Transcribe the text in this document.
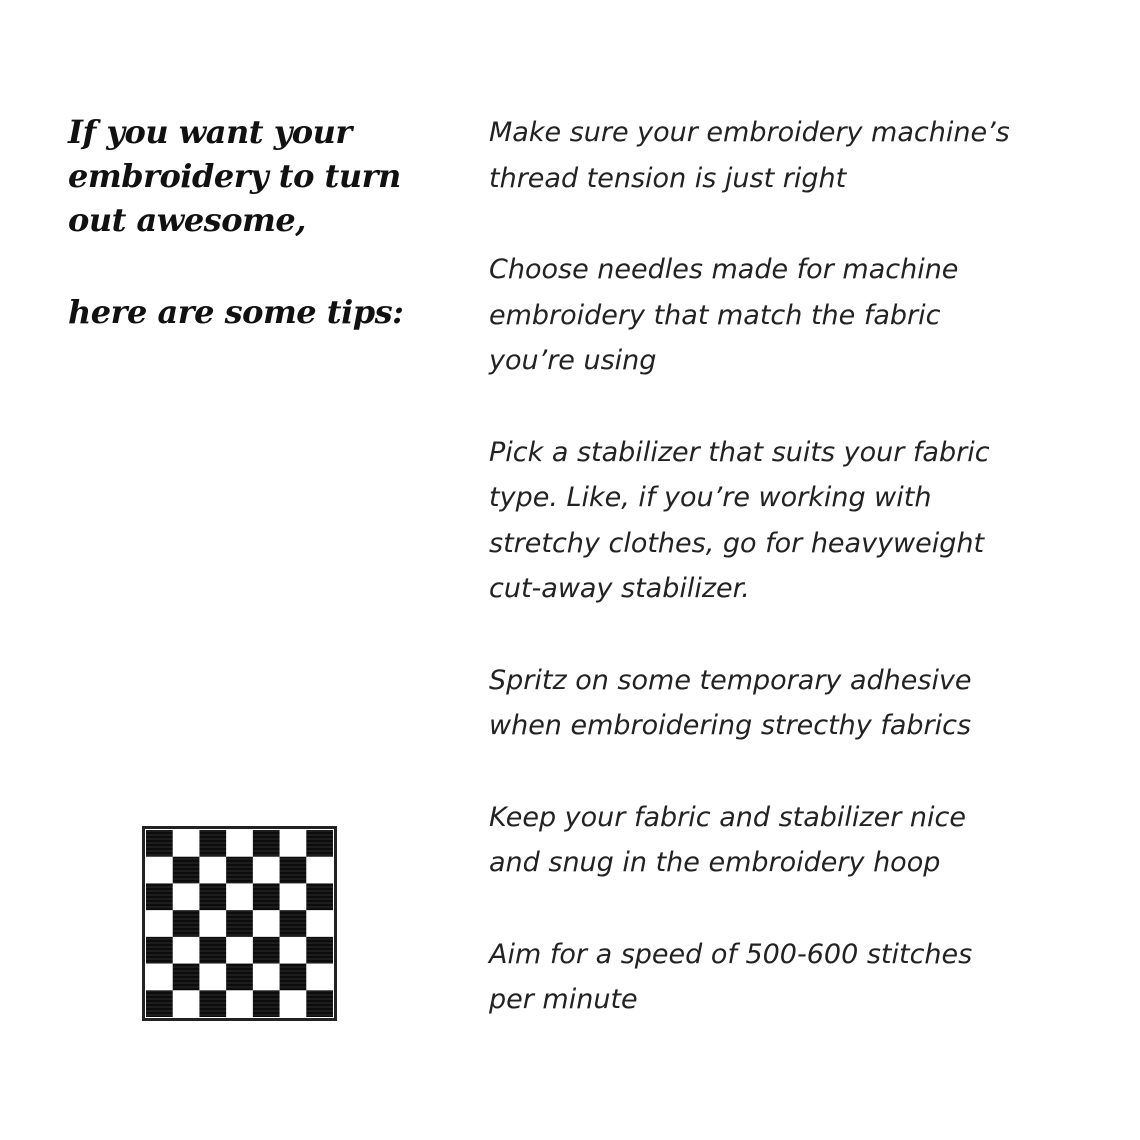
If you want your
embroidery to turn
out awesome,
here are some tips:
Make sure your embroidery machine’s
thread tension is just right
Choose needles made for machine
embroidery that match the fabric
you’re using
Pick a stabilizer that suits your fabric
type. Like, if you’re working with
stretchy clothes, go for heavyweight
cut-away stabilizer.
Spritz on some temporary adhesive
when embroidering strecthy fabrics
Keep your fabric and stabilizer nice
and snug in the embroidery hoop
Aim for a speed of 500-600 stitches
per minute
